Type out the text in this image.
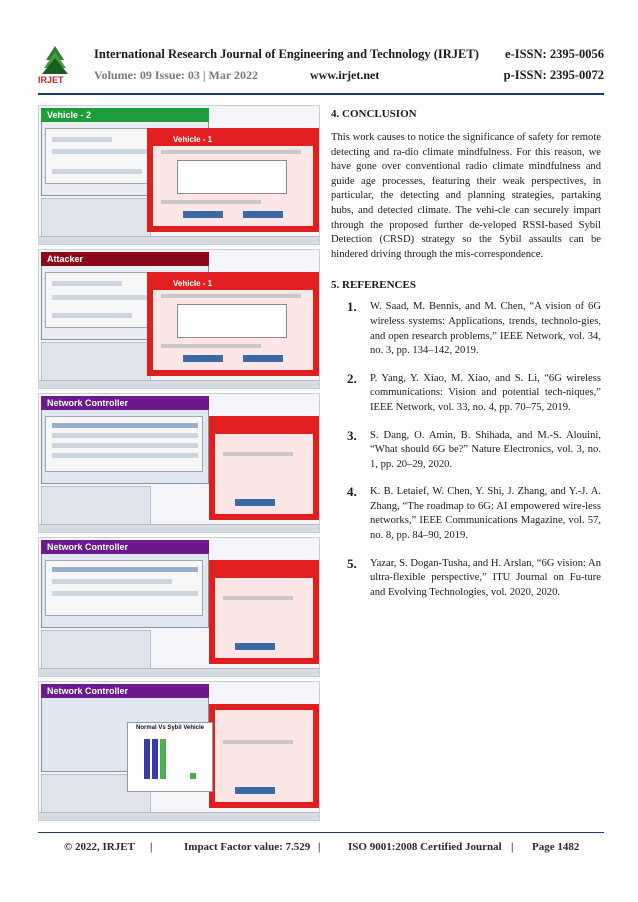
IRJET
International Research Journal of Engineering and Technology (IRJET) e-ISSN: 2395-0056
Volume: 09 Issue: 03 | Mar 2022	www.irjet.net	p-ISSN: 2395-0072
Vehicle - 2
Vehicle - 1
Attacker
Vehicle - 1
Network Controller
Network Controller
Network Controller
Normal Vs Sybil Vehicle
4. CONCLUSION

This work causes to notice the significance of safety for remote detecting and ra-dio climate mindfulness. For this reason, we have gone over conventional radio climate mindfulness and guide age processes, featuring their weak perspectives, in particular, the detecting and planning strategies, partaking hubs, and detected climate. The vehi-cle can securely impart through the proposed further de-veloped RSSI-based Sybil Detection (CRSD) strategy so the Sybil assaults can be hindered driving through the mis-correspondence.

5. REFERENCES
1. W. Saad, M. Bennis, and M. Chen, “A vision of 6G wireless systems: Applications, trends, technolo-gies, and open research problems,” IEEE Network, vol. 34, no. 3, pp. 134–142, 2019.
2. P. Yang, Y. Xiao, M. Xiao, and S. Li, “6G wireless communications: Vision and potential tech-niques,” IEEE Network, vol. 33, no. 4, pp. 70–75, 2019.
3. S. Dang, O. Amin, B. Shihada, and M.-S. Alouini, “What should 6G be?” Nature Electronics, vol. 3, no. 1, pp. 20–29, 2020.
4. K. B. Letaief, W. Chen, Y. Shi, J. Zhang, and Y.-J. A. Zhang, “The roadmap to 6G: AI empowered wire-less networks,” IEEE Communications Magazine, vol. 57, no. 8, pp. 84–90, 2019.
5. Yazar, S. Dogan-Tusha, and H. Arslan, “6G vision: An ultra-flexible perspective,” ITU Journal on Fu-ture and Evolving Technologies, vol. 2020, 2020.
© 2022, IRJET |	Impact Factor value: 7.529 |	ISO 9001:2008 Certified Journal | Page 1482
